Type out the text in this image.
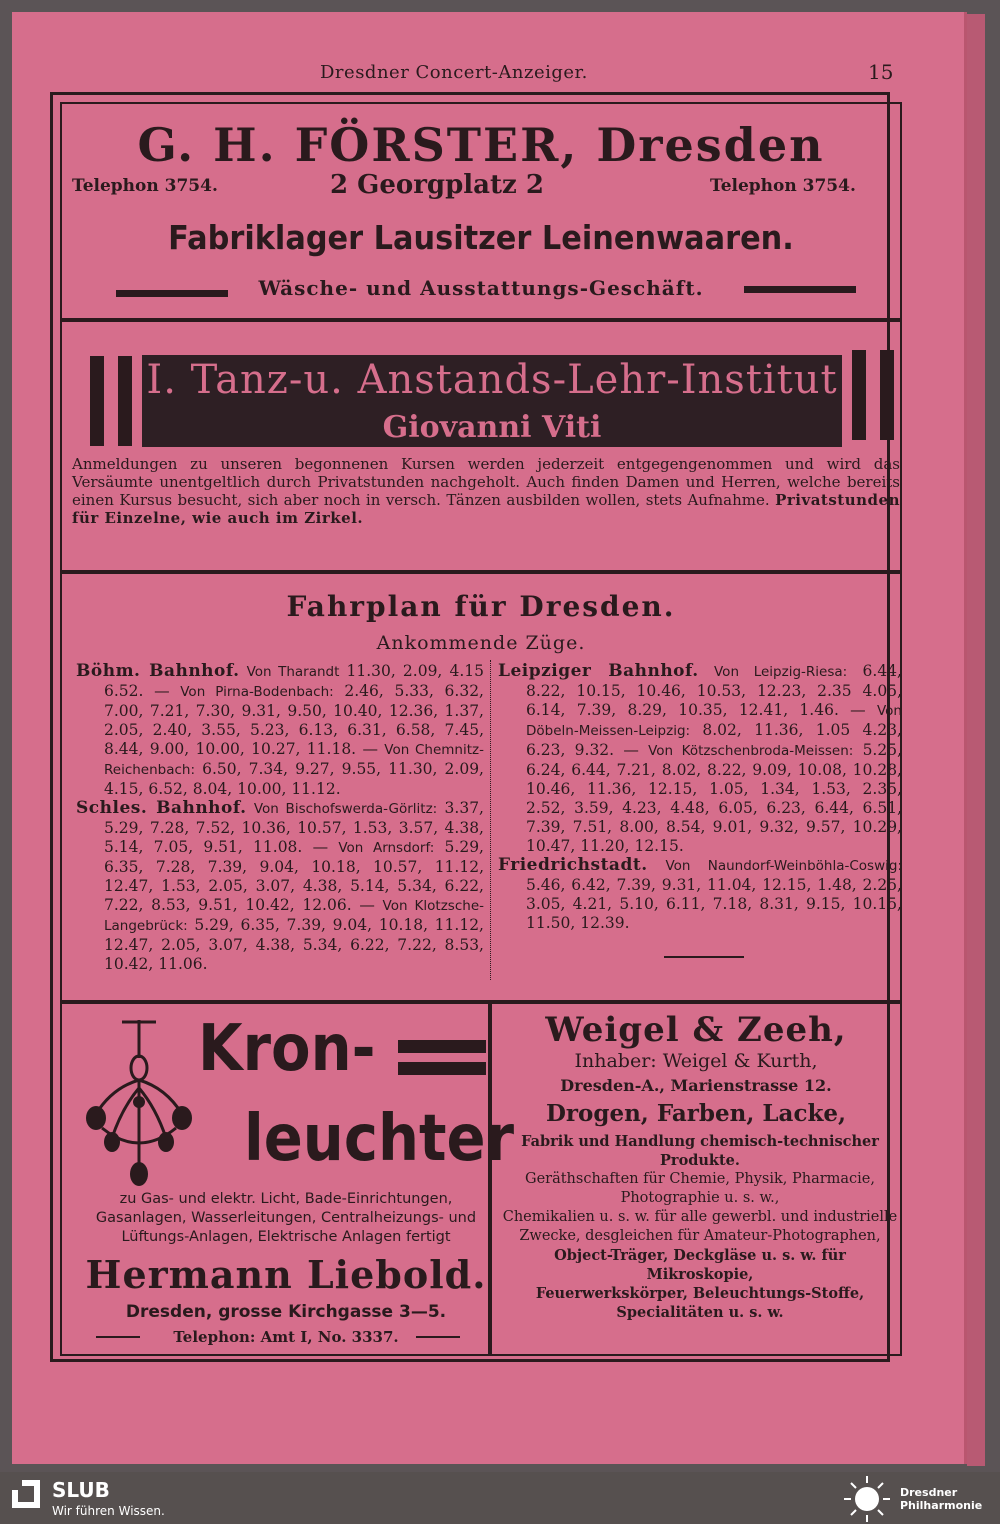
Dresdner Concert-Anzeiger.	15
G. H. FÖRSTER, Dresden
Telephon 3754.	2 Georgplatz 2	Telephon 3754.
Fabriklager Lausitzer Leinenwaaren.
Wäsche- und Ausstattungs-Geschäft.
I. Tanz-u. Anstands-Lehr-Institut
Giovanni Viti
Anmeldungen zu unseren begonnenen Kursen werden jederzeit entgegengenommen und wird das Versäumte unentgeltlich durch Privatstunden nachgeholt. Auch finden Damen und Herren, welche bereits einen Kursus besucht, sich aber noch in versch. Tänzen ausbilden wollen, stets Aufnahme. Privatstunden für Einzelne, wie auch im Zirkel.
Fahrplan für Dresden.
Ankommende Züge.

Böhm. Bahnhof. Von Tharandt 11.30, 2.09, 4.15 6.52. — Von Pirna-Bodenbach: 2.46, 5.33, 6.32, 7.00, 7.21, 7.30, 9.31, 9.50, 10.40, 12.36, 1.37, 2.05, 2.40, 3.55, 5.23, 6.13, 6.31, 6.58, 7.45, 8.44, 9.00, 10.00, 10.27, 11.18. — Von Chemnitz-Reichenbach: 6.50, 7.34, 9.27, 9.55, 11.30, 2.09, 4.15, 6.52, 8.04, 10.00, 11.12.

Schles. Bahnhof. Von Bischofswerda-Görlitz: 3.37, 5.29, 7.28, 7.52, 10.36, 10.57, 1.53, 3.57, 4.38, 5.14, 7.05, 9.51, 11.08. — Von Arnsdorf: 5.29, 6.35, 7.28, 7.39, 9.04, 10.18, 10.57, 11.12, 12.47, 1.53, 2.05, 3.07, 4.38, 5.14, 5.34, 6.22, 7.22, 8.53, 9.51, 10.42, 12.06. — Von Klotzsche-Langebrück: 5.29, 6.35, 7.39, 9.04, 10.18, 11.12, 12.47, 2.05, 3.07, 4.38, 5.34, 6.22, 7.22, 8.53, 10.42, 11.06.

Leipziger Bahnhof. Von Leipzig-Riesa: 6.44, 8.22, 10.15, 10.46, 10.53, 12.23, 2.35 4.05, 6.14, 7.39, 8.29, 10.35, 12.41, 1.46. — Von Döbeln-Meissen-Leipzig: 8.02, 11.36, 1.05 4.23, 6.23, 9.32. — Von Kötzschenbroda-Meissen: 5.25, 6.24, 6.44, 7.21, 8.02, 8.22, 9.09, 10.08, 10.28, 10.46, 11.36, 12.15, 1.05, 1.34, 1.53, 2.35, 2.52, 3.59, 4.23, 4.48, 6.05, 6.23, 6.44, 6.51, 7.39, 7.51, 8.00, 8.54, 9.01, 9.32, 9.57, 10.29, 10.47, 11.20, 12.15.

Friedrichstadt. Von Naundorf-Weinböhla-Coswig: 5.46, 6.42, 7.39, 9.31, 11.04, 12.15, 1.48, 2.25, 3.05, 4.21, 5.10, 6.11, 7.18, 8.31, 9.15, 10.15, 11.50, 12.39.

Kron-
leuchter
zu Gas- und elektr. Licht, Bade-Einrichtungen, Gasanlagen, Wasserleitungen, Centralheizungs- und Lüftungs-Anlagen, Elektrische Anlagen fertigt
Hermann Liebold.
Dresden, grosse Kirchgasse 3—5.
Telephon: Amt I, No. 3337.
Weigel & Zeeh,
Inhaber: Weigel & Kurth,
Dresden-A., Marienstrasse 12.
Drogen, Farben, Lacke,
Fabrik und Handlung chemisch-technischer Produkte.
Geräthschaften für Chemie, Physik, Pharmacie, Photographie u. s. w.,
Chemikalien u. s. w. für alle gewerbl. und industrielle Zwecke, desgleichen für Amateur-Photographen,
Object-Träger, Deckgläse u. s. w. für Mikroskopie,
Feuerwerkskörper, Beleuchtungs-Stoffe, Specialitäten u. s. w.
SLUB
Wir führen Wissen.
Dresdner
Philharmonie
